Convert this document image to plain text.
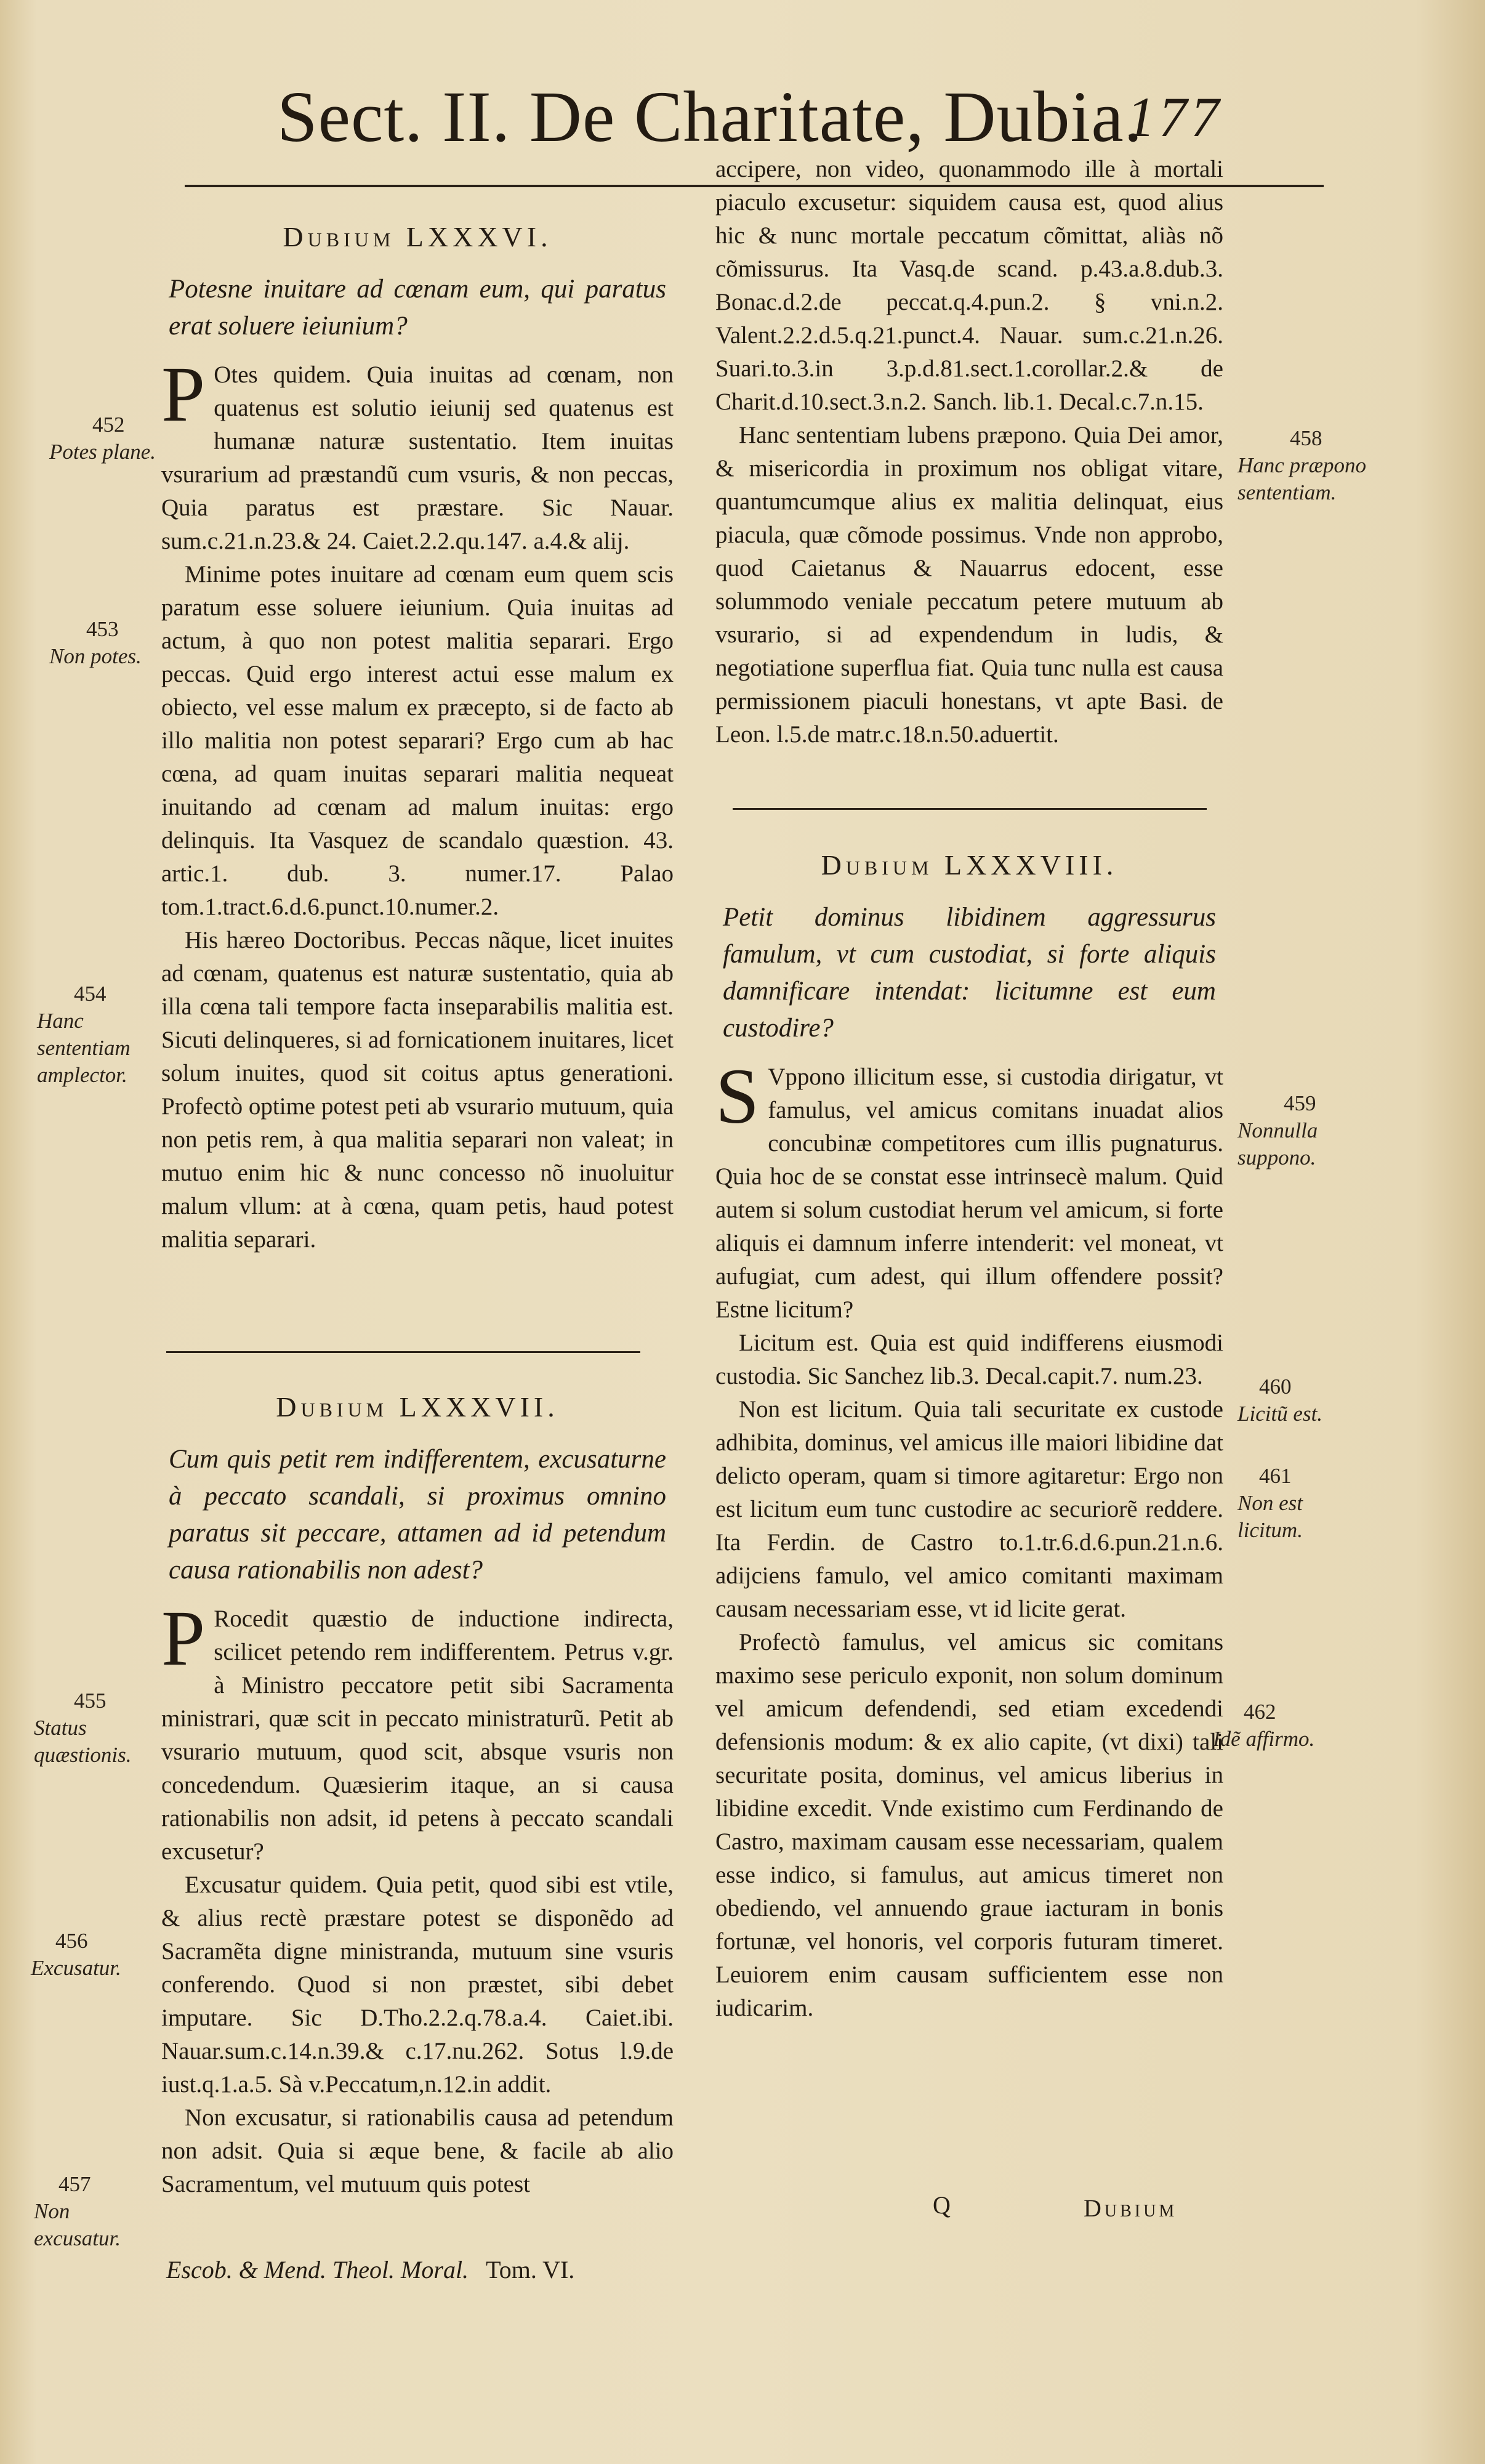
Sect. II. De Charitate, Dubia.
177

Dubium LXXXVI.

Potesne inuitare ad cœnam eum, qui paratus erat soluere ieiunium?

P Otes quidem. Quia inuitas ad cœnam, non quatenus est solutio ieiunij sed quatenus est humanæ naturæ sustentatio. Item inuitas vsurarium ad præstandũ cum vsuris, & non peccas, Quia paratus est præstare. Sic Nauar. sum.c.21.n.23.& 24. Caiet.2.2.qu.147. a.4.& alij.

Minime potes inuitare ad cœnam eum quem scis paratum esse soluere ieiunium. Quia inuitas ad actum, à quo non potest malitia separari. Ergo peccas. Quid ergo interest actui esse malum ex obiecto, vel esse malum ex præcepto, si de facto ab illo malitia non potest separari? Ergo cum ab hac cœna, ad quam inuitas separari malitia nequeat inuitando ad cœnam ad malum inuitas: ergo delinquis. Ita Vasquez de scandalo quæstion. 43. artic.1. dub. 3. numer.17. Palao tom.1.tract.6.d.6.punct.10.numer.2.

His hæreo Doctoribus. Peccas nãque, licet inuites ad cœnam, quatenus est naturæ sustentatio, quia ab illa cœna tali tempore facta inseparabilis malitia est. Sicuti delinqueres, si ad fornicationem inuitares, licet solum inuites, quod sit coitus aptus generationi. Profectò optime potest peti ab vsurario mutuum, quia non petis rem, à qua malitia separari non valeat; in mutuo enim hic & nunc concesso nõ inuoluitur malum vllum: at à cœna, quam petis, haud potest malitia separari.

Dubium LXXXVII.

Cum quis petit rem indifferentem, excusaturne à peccato scandali, si proximus omnino paratus sit peccare, attamen ad id petendum causa rationabilis non adest?

P Rocedit quæstio de inductione indirecta, scilicet petendo rem indifferentem. Petrus v.gr. à Ministro peccatore petit sibi Sacramenta ministrari, quæ scit in peccato ministraturũ. Petit ab vsurario mutuum, quod scit, absque vsuris non concedendum. Quæsierim itaque, an si causa rationabilis non adsit, id petens à peccato scandali excusetur?

Excusatur quidem. Quia petit, quod sibi est vtile, & alius rectè præstare potest se disponẽdo ad Sacramẽta digne ministranda, mutuum sine vsuris conferendo. Quod si non præstet, sibi debet imputare. Sic D.Tho.2.2.q.78.a.4. Caiet.ibi. Nauar.sum.c.14.n.39.& c.17.nu.262. Sotus l.9.de iust.q.1.a.5. Sà v.Peccatum,n.12.in addit.

Non excusatur, si rationabilis causa ad petendum non adsit. Quia si æque bene, & facile ab alio Sacramentum, vel mutuum quis potest

Escob. & Mend. Theol. Moral. Tom. VI.

accipere, non video, quonammodo ille à mortali piaculo excusetur: siquidem causa est, quod alius hic & nunc mortale peccatum cõmittat, aliàs nõ cõmissurus. Ita Vasq.de scand. p.43.a.8.dub.3. Bonac.d.2.de peccat.q.4.pun.2. § vni.n.2. Valent.2.2.d.5.q.21.punct.4. Nauar. sum.c.21.n.26. Suari.to.3.in 3.p.d.81.sect.1.corollar.2.& de Charit.d.10.sect.3.n.2. Sanch. lib.1. Decal.c.7.n.15.

Hanc sententiam lubens præpono. Quia Dei amor, & misericordia in proximum nos obligat vitare, quantumcumque alius ex malitia delinquat, eius piacula, quæ cõmode possimus. Vnde non approbo, quod Caietanus & Nauarrus edocent, esse solummodo veniale peccatum petere mutuum ab vsurario, si ad expendendum in ludis, & negotiatione superflua fiat. Quia tunc nulla est causa permissionem piaculi honestans, vt apte Basi. de Leon. l.5.de matr.c.18.n.50.aduertit.

Dubium LXXXVIII.

Petit dominus libidinem aggressurus famulum, vt cum custodiat, si forte aliquis damnificare intendat: licitumne est eum custodire?

S Vppono illicitum esse, si custodia dirigatur, vt famulus, vel amicus comitans inuadat alios concubinæ competitores cum illis pugnaturus. Quia hoc de se constat esse intrinsecè malum. Quid autem si solum custodiat herum vel amicum, si forte aliquis ei damnum inferre intenderit: vel moneat, vt aufugiat, cum adest, qui illum offendere possit? Estne licitum?

Licitum est. Quia est quid indifferens eiusmodi custodia. Sic Sanchez lib.3. Decal.capit.7. num.23.

Non est licitum. Quia tali securitate ex custode adhibita, dominus, vel amicus ille maiori libidine dat delicto operam, quam si timore agitaretur: Ergo non est licitum eum tunc custodire ac securiorẽ reddere. Ita Ferdin. de Castro to.1.tr.6.d.6.pun.21.n.6. adijciens famulo, vel amico comitanti maximam causam necessariam esse, vt id licite gerat.

Profectò famulus, vel amicus sic comitans maximo sese periculo exponit, non solum dominum vel amicum defendendi, sed etiam excedendi defensionis modum: & ex alio capite, (vt dixi) tali securitate posita, dominus, vel amicus liberius in libidine excedit. Vnde existimo cum Ferdinando de Castro, maximam causam esse necessariam, qualem esse indico, si famulus, aut amicus timeret non obediendo, vel annuendo graue iacturam in bonis fortunæ, vel honoris, vel corporis futuram timeret. Leuiorem enim causam sufficientem esse non iudicarim.

Q	Dubium
452
Potes plane.
453
Non potes.
454
Hanc sententiam amplector.
455
Status quæstionis.
456
Excusatur.
457
Non excusatur.
458
Hanc præpono sententiam.
459
Nonnulla suppono.
460
Licitũ est.
461
Non est licitum.
462
Idẽ affirmo.
